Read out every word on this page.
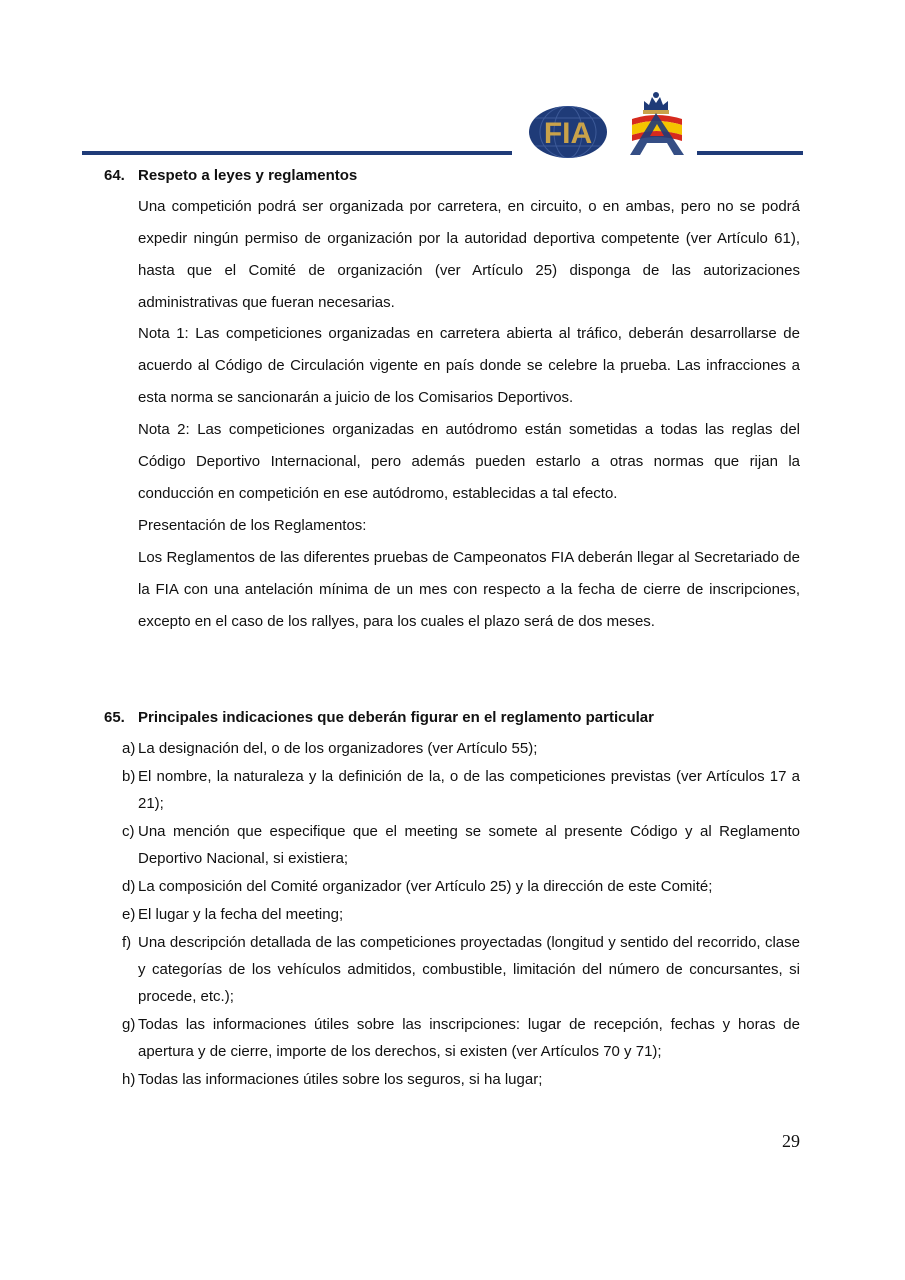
FIA
64. Respeto a leyes y reglamentos

Una competición podrá ser organizada por carretera, en circuito, o en ambas, pero no se podrá expedir ningún permiso de organización por la autoridad deportiva competente (ver Artículo 61), hasta que el Comité de organización (ver Artículo 25) disponga de las autorizaciones administrativas que fueran necesarias.

Nota 1: Las competiciones organizadas en carretera abierta al tráfico, deberán desarrollarse de acuerdo al Código de Circulación vigente en país donde se celebre la prueba. Las infracciones a esta norma se sancionarán a juicio de los Comisarios Deportivos.

Nota 2: Las competiciones organizadas en autódromo están sometidas a todas las reglas del Código Deportivo Internacional, pero además pueden estarlo a otras normas que rijan la conducción en competición en ese autódromo, establecidas a tal efecto.

Presentación de los Reglamentos:

Los Reglamentos de las diferentes pruebas de Campeonatos FIA deberán llegar al Secretariado de la FIA con una antelación mínima de un mes con respecto a la fecha de cierre de inscripciones, excepto en el caso de los rallyes, para los cuales el plazo será de dos meses.

65. Principales indicaciones que deberán figurar en el reglamento particular
a) La designación del, o de los organizadores (ver Artículo 55);
b) El nombre, la naturaleza y la definición de la, o de las competiciones previstas (ver Artículos 17 a 21);
c) Una mención que especifique que el meeting se somete al presente Código y al Reglamento Deportivo Nacional, si existiera;
d) La composición del Comité organizador (ver Artículo 25) y la dirección de este Comité;
e) El lugar y la fecha del meeting;
f) Una descripción detallada de las competiciones proyectadas (longitud y sentido del recorrido, clase y categorías de los vehículos admitidos, combustible, limitación del número de concursantes, si procede, etc.);
g) Todas las informaciones útiles sobre las inscripciones: lugar de recepción, fechas y horas de apertura y de cierre, importe de los derechos, si existen (ver Artículos 70 y 71);
h) Todas las informaciones útiles sobre los seguros, si ha lugar;
29
